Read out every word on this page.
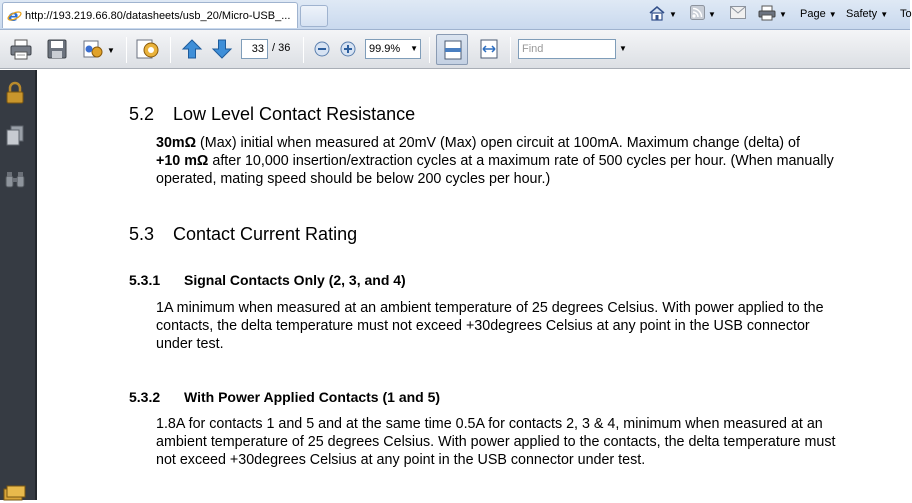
e http://193.219.66.80/datasheets/usb_20/Micro-USB_...	▼	▼	▼ Page ▼ Safety ▼ To
▼	33 / 36	99.9% ▼	Find	▼
5.2 Low Level Contact Resistance
30mΩ (Max) initial when measured at 20mV (Max) open circuit at 100mA. Maximum change (delta) of
+10 mΩ after 10,000 insertion/extraction cycles at a maximum rate of 500 cycles per hour. (When manually
operated, mating speed should be below 200 cycles per hour.)
5.3 Contact Current Rating
5.3.1 Signal Contacts Only (2, 3, and 4)
1A minimum when measured at an ambient temperature of 25 degrees Celsius. With power applied to the
contacts, the delta temperature must not exceed +30degrees Celsius at any point in the USB connector
under test.
5.3.2 With Power Applied Contacts (1 and 5)
1.8A for contacts 1 and 5 and at the same time 0.5A for contacts 2, 3 & 4, minimum when measured at an
ambient temperature of 25 degrees Celsius. With power applied to the contacts, the delta temperature must
not exceed +30degrees Celsius at any point in the USB connector under test.
